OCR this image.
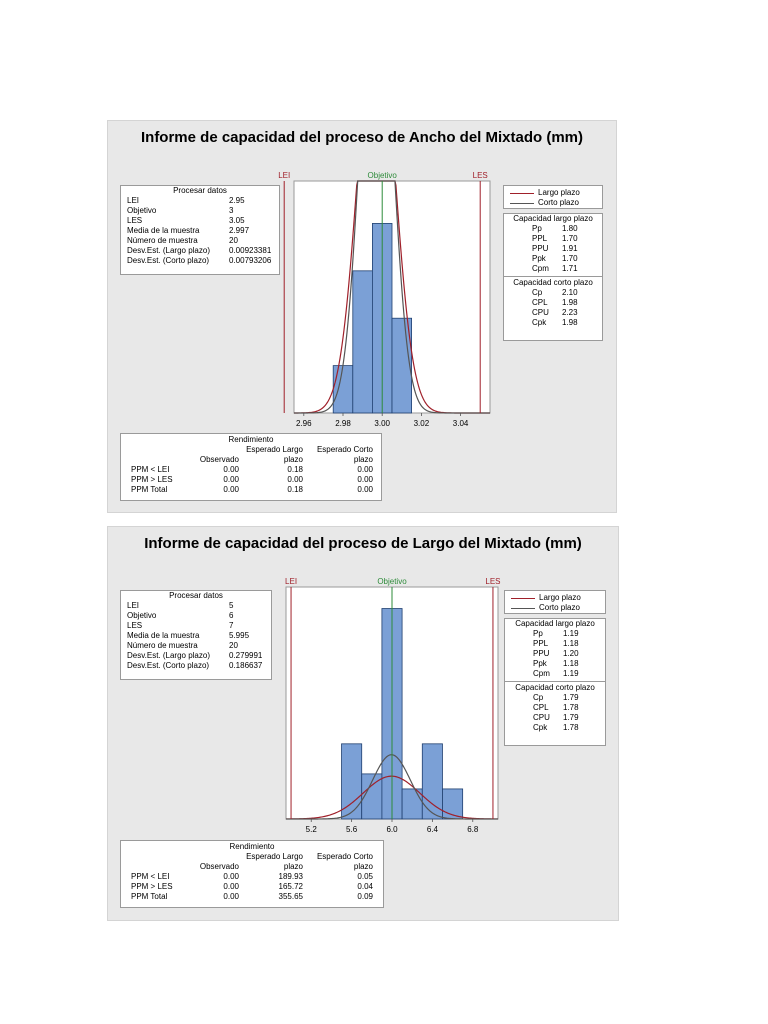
Informe de capacidad del proceso de Ancho del Mixtado (mm)
Procesar datos
LEI	2.95
Objetivo	3
LES	3.05
Media de la muestra	2.997
Número de muestra	20
Desv.Est. (Largo plazo) 0.00923381
Desv.Est. (Corto plazo) 0.00793206
LEI	LES
Objetivo
2.96	2.98	3.00	3.02	3.04
Largo plazo
Corto plazo
Capacidad largo plazo
Pp	1.80
PPL 1.70
PPU 1.91
Ppk 1.70
Cpm 1.71
Capacidad corto plazo
Cp 2.10
CPL 1.98
CPU 2.23
Cpk 1.98
Rendimiento
Esperado Largo Esperado Corto
Observado	plazo	plazo
PPM < LEI	0.00	0.18	0.00
PPM > LES	0.00	0.00	0.00
PPM Total	0.00	0.18	0.00
Informe de capacidad del proceso de Largo del Mixtado (mm)
Procesar datos
LEI	5
Objetivo	6
LES	7
Media de la muestra	5.995
Número de muestra	20
Desv.Est. (Largo plazo) 0.279991
Desv.Est. (Corto plazo) 0.186637
LEI	LES
Objetivo
5.2	5.6	6.0	6.4	6.8
Largo plazo
Corto plazo
Capacidad largo plazo
Pp	1.19
PPL 1.18
PPU 1.20
Ppk 1.18
Cpm 1.19
Capacidad corto plazo
Cp 1.79
CPL 1.78
CPU 1.79
Cpk 1.78
Rendimiento
Esperado Largo Esperado Corto
Observado	plazo	plazo
PPM < LEI	0.00	189.93	0.05
PPM > LES	0.00	165.72	0.04
PPM Total	0.00	355.65	0.09
